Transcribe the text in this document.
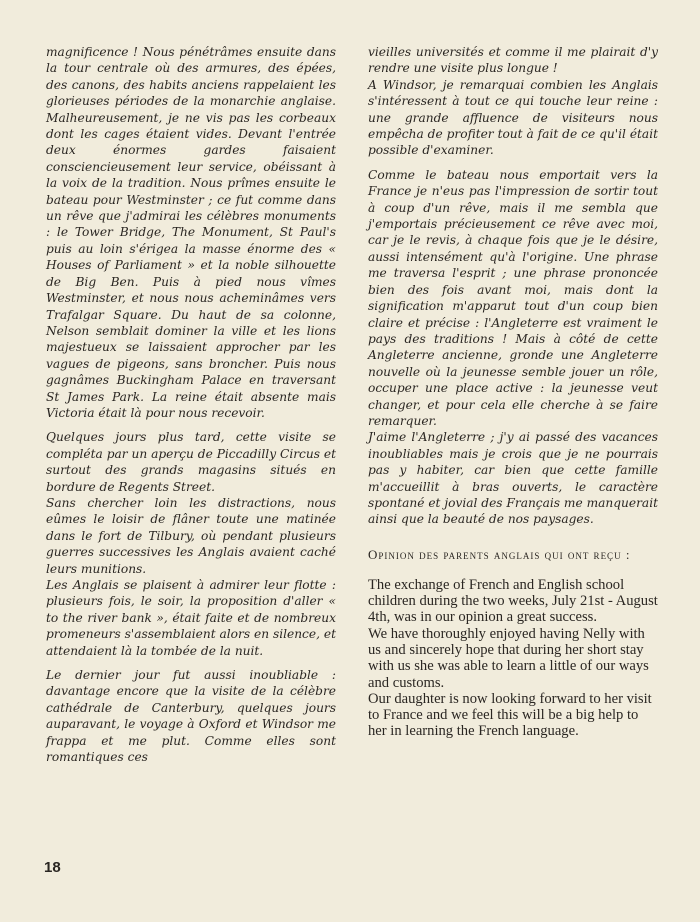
magnificence ! Nous pénétrâmes ensuite dans la tour centrale où des armures, des épées, des canons, des habits anciens rappelaient les glorieuses périodes de la monarchie anglaise. Malheureusement, je ne vis pas les corbeaux dont les cages étaient vides. Devant l'entrée deux énormes gardes faisaient consciencieusement leur service, obéissant à la voix de la tradition. Nous prîmes ensuite le bateau pour Westminster ; ce fut comme dans un rêve que j'admirai les célèbres monuments : le Tower Bridge, The Monument, St Paul's puis au loin s'érigea la masse énorme des « Houses of Parliament » et la noble silhouette de Big Ben. Puis à pied nous vîmes Westminster, et nous nous acheminâmes vers Trafalgar Square. Du haut de sa colonne, Nelson semblait dominer la ville et les lions majestueux se laissaient approcher par les vagues de pigeons, sans broncher. Puis nous gagnâmes Buckingham Palace en traversant St James Park. La reine était absente mais Victoria était là pour nous recevoir.

Quelques jours plus tard, cette visite se compléta par un aperçu de Piccadilly Circus et surtout des grands magasins situés en bordure de Regents Street.

Sans chercher loin les distractions, nous eûmes le loisir de flâner toute une matinée dans le fort de Tilbury, où pendant plusieurs guerres successives les Anglais avaient caché leurs munitions.

Les Anglais se plaisent à admirer leur flotte : plusieurs fois, le soir, la proposition d'aller « to the river bank », était faite et de nombreux promeneurs s'assemblaient alors en silence, et attendaient là la tombée de la nuit.

Le dernier jour fut aussi inoubliable : davantage encore que la visite de la célèbre cathédrale de Canterbury, quelques jours auparavant, le voyage à Oxford et Windsor me frappa et me plut. Comme elles sont romantiques ces

vieilles universités et comme il me plairait d'y rendre une visite plus longue !

A Windsor, je remarquai combien les Anglais s'intéressent à tout ce qui touche leur reine : une grande affluence de visiteurs nous empêcha de profiter tout à fait de ce qu'il était possible d'examiner.

Comme le bateau nous emportait vers la France je n'eus pas l'impression de sortir tout à coup d'un rêve, mais il me sembla que j'emportais précieusement ce rêve avec moi, car je le revis, à chaque fois que je le désire, aussi intensément qu'à l'origine. Une phrase me traversa l'esprit ; une phrase prononcée bien des fois avant moi, mais dont la signification m'apparut tout d'un coup bien claire et précise : l'Angleterre est vraiment le pays des traditions ! Mais à côté de cette Angleterre ancienne, gronde une Angleterre nouvelle où la jeunesse semble jouer un rôle, occuper une place active : la jeunesse veut changer, et pour cela elle cherche à se faire remarquer.

J'aime l'Angleterre ; j'y ai passé des vacances inoubliables mais je crois que je ne pourrais pas y habiter, car bien que cette famille m'accueillit à bras ouverts, le caractère spontané et jovial des Français me manquerait ainsi que la beauté de nos paysages.

Opinion des parents anglais qui ont reçu :

The exchange of French and English school children during the two weeks, July 21st - August 4th, was in our opinion a great success.

We have thoroughly enjoyed having Nelly with us and sincerely hope that during her short stay with us she was able to learn a little of our ways and customs.

Our daughter is now looking forward to her visit to France and we feel this will be a big help to her in learning the French language.

18
